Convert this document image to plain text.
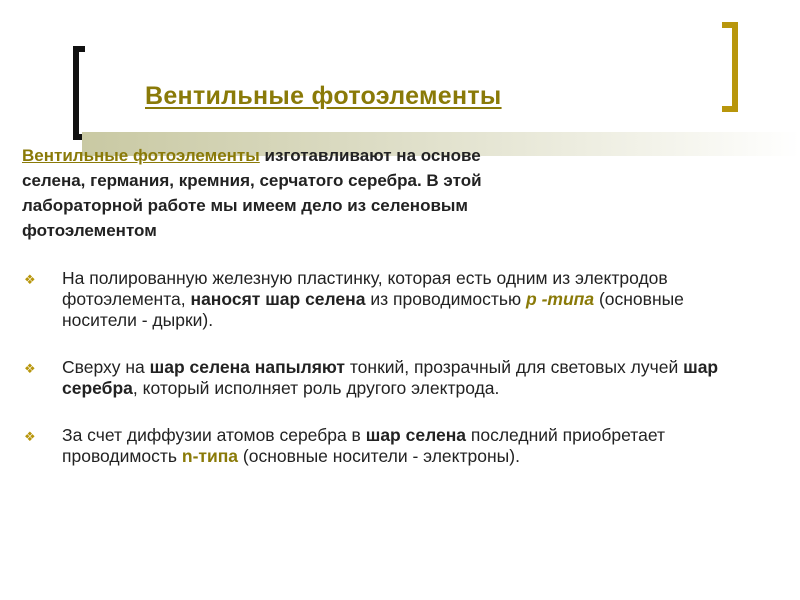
Вентильные фотоэлементы
Вентильные фотоэлементы изготавливают на основе
селена, германия, кремния, серчатого серебра. В этой
лабораторной работе мы имеем дело из селеновым
фотоэлементом
❖ На полированную железную пластинку, которая есть одним из электродов фотоэлемента, наносят шар селена из проводимостью p -типа (основные носители - дырки).
❖ Сверху на шар селена напыляют тонкий, прозрачный для световых лучей шар серебра, который исполняет роль другого электрода.
❖ За счет диффузии атомов серебра в шар селена последний приобретает проводимость n-типа (основные носители - электроны).
